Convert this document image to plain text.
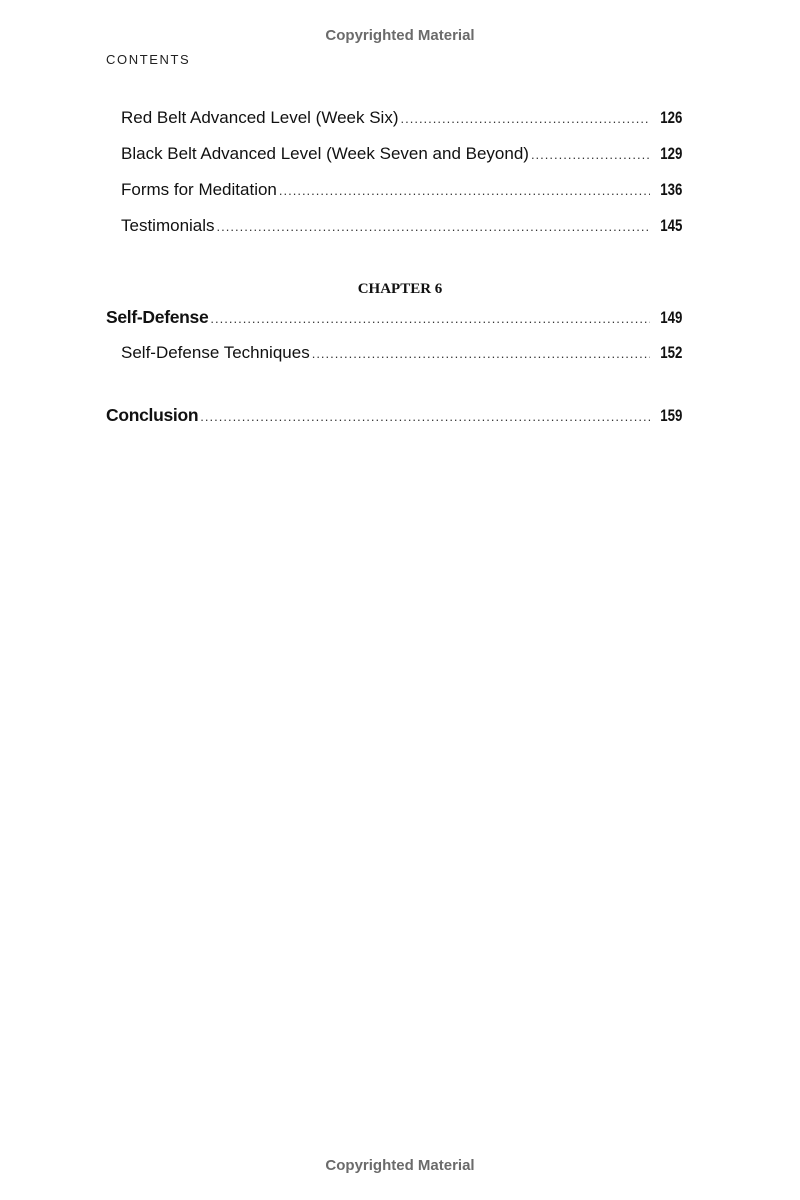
Copyrighted Material
CONTENTS
Red Belt Advanced Level (Week Six) .....	126
Black Belt Advanced Level (Week Seven and Beyond) .....	129
Forms for Meditation .....	136
Testimonials .....	145
CHAPTER 6
Self-Defense .....	149
Self-Defense Techniques .....	152
Conclusion .....	159
Copyrighted Material
